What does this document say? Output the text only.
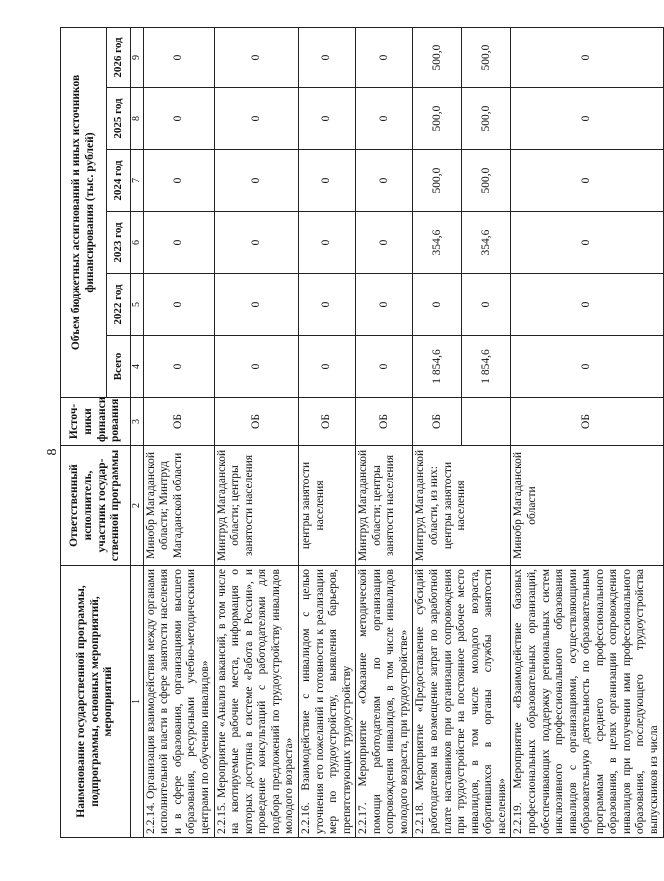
8
Наименование государственной программы, подпрограммы, основных мероприятий, мероприятий	Ответственный исполнитель, участник государ- ственной программы	Источ- ники финанси рования	Объем бюджетных ассигнований и иных источников финансирования (тыс. рублей)					
			Всего	2022 год	2023 год	2024 год	2025 год	2026 год
1	2	3	4	5	6	7	8	9
2.2.14. Организация взаимодействия между органами исполнительной власти в сфере занятости населения и в сфере образования, организациями высшего образования, ресурсными учебно-методическими центрами по обучению инвалидов»	Минобр Магаданской области; Минтруд Магаданской области	ОБ	0	0	0	0	0	0
2.2.15. Мероприятие «Анализ вакансий, в том числе на квотируемые рабочие места, информация о которых доступна в системе «Работа в России», и проведение консультаций с работодателями для подбора предложений по трудоустройству инвалидов молодого возраста»	Минтруд Магаданской области; центры занятости населения	ОБ	0	0	0	0	0	0
2.2.16. Взаимодействие с инвалидом с целью уточнения его пожеланий и готовности к реализации мер по трудоустройству, выявления барьеров, препятствующих трудоустройству	центры занятости населения	ОБ	0	0	0	0	0	0
2.2.17. Мероприятие «Оказание методической помощи работодателям по организации сопровождения инвалидов, в том числе инвалидов молодого возраста, при трудоустройстве»	Минтруд Магаданской области; центры занятости населения	ОБ	0	0	0	0	0	0
2.2.18. Мероприятие «Предоставление субсидий работодателям на возмещение затрат по заработной плате наставников при организации сопровождения при трудоустройстве на постоянное рабочее место инвалидов, в том числе молодого возраста, обратившихся в органы службы занятости населения»	Минтруд Магаданской области, из них: центры занятости населения	ОБ	1 854,6	0	354,6	500,0	500,0	500,0
			1 854,6	0	354,6	500,0	500,0	500,0
2.2.19. Мероприятие «Взаимодействие базовых профессиональных образовательных организаций, обеспечивающих поддержку региональных систем инклюзивного профессионального образования инвалидов с организациями, осуществляющими образовательную деятельность по образовательным программам среднего профессионального образования, в целях организации сопровождения инвалидов при получении ими профессионального образования, последующего трудоустройства выпускников из числа	Минобр Магаданской области	ОБ	0	0	0	0	0	0
